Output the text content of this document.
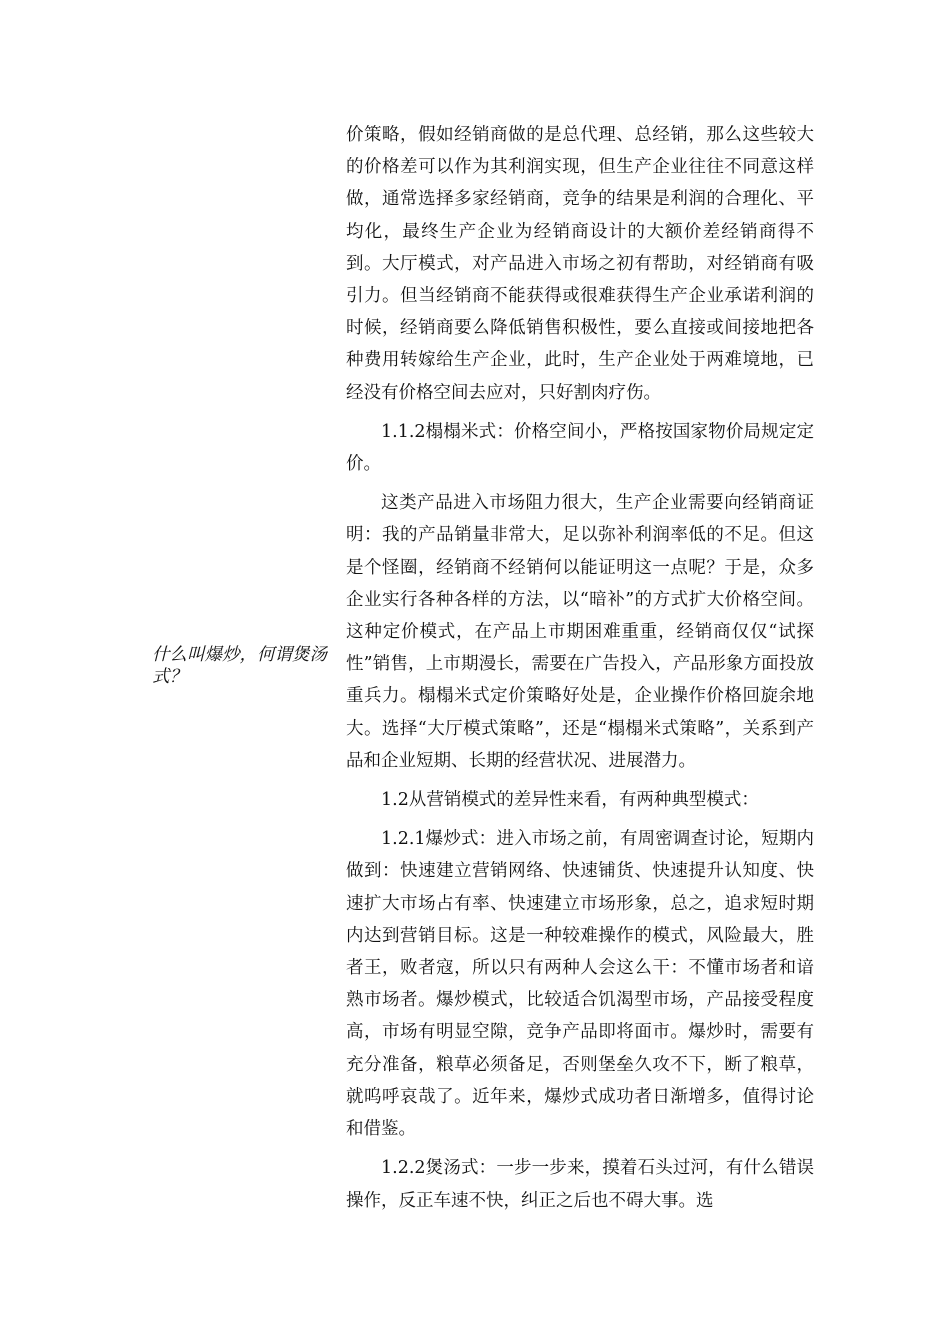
什么叫爆炒，何谓煲汤式？

价策略，假如经销商做的是总代理、总经销，那么这些较大的价格差可以作为其利润实现，但生产企业往往不同意这样做，通常选择多家经销商，竞争的结果是利润的合理化、平均化，最终生产企业为经销商设计的大额价差经销商得不到。大厅模式，对产品进入市场之初有帮助，对经销商有吸引力。但当经销商不能获得或很难获得生产企业承诺利润的时候，经销商要么降低销售积极性，要么直接或间接地把各种费用转嫁给生产企业，此时，生产企业处于两难境地，已经没有价格空间去应对，只好割肉疗伤。

1.1.2榻榻米式：价格空间小，严格按国家物价局规定定价。

这类产品进入市场阻力很大，生产企业需要向经销商证明：我的产品销量非常大，足以弥补利润率低的不足。但这是个怪圈，经销商不经销何以能证明这一点呢？于是，众多企业实行各种各样的方法，以“暗补”的方式扩大价格空间。这种定价模式，在产品上市期困难重重，经销商仅仅“试探性”销售，上市期漫长，需要在广告投入，产品形象方面投放重兵力。榻榻米式定价策略好处是，企业操作价格回旋余地大。选择“大厅模式策略”，还是“榻榻米式策略”，关系到产品和企业短期、长期的经营状况、进展潜力。

1.2从营销模式的差异性来看，有两种典型模式：

1.2.1爆炒式：进入市场之前，有周密调查讨论，短期内做到：快速建立营销网络、快速铺货、快速提升认知度、快速扩大市场占有率、快速建立市场形象，总之，追求短时期内达到营销目标。这是一种较难操作的模式，风险最大，胜者王，败者寇，所以只有两种人会这么干：不懂市场者和谙熟市场者。爆炒模式，比较适合饥渴型市场，产品接受程度高，市场有明显空隙，竞争产品即将面市。爆炒时，需要有充分准备，粮草必须备足，否则堡垒久攻不下，断了粮草，就呜呼哀哉了。近年来，爆炒式成功者日渐增多，值得讨论和借鉴。

1.2.2煲汤式：一步一步来，摸着石头过河，有什么错误操作，反正车速不快，纠正之后也不碍大事。选
